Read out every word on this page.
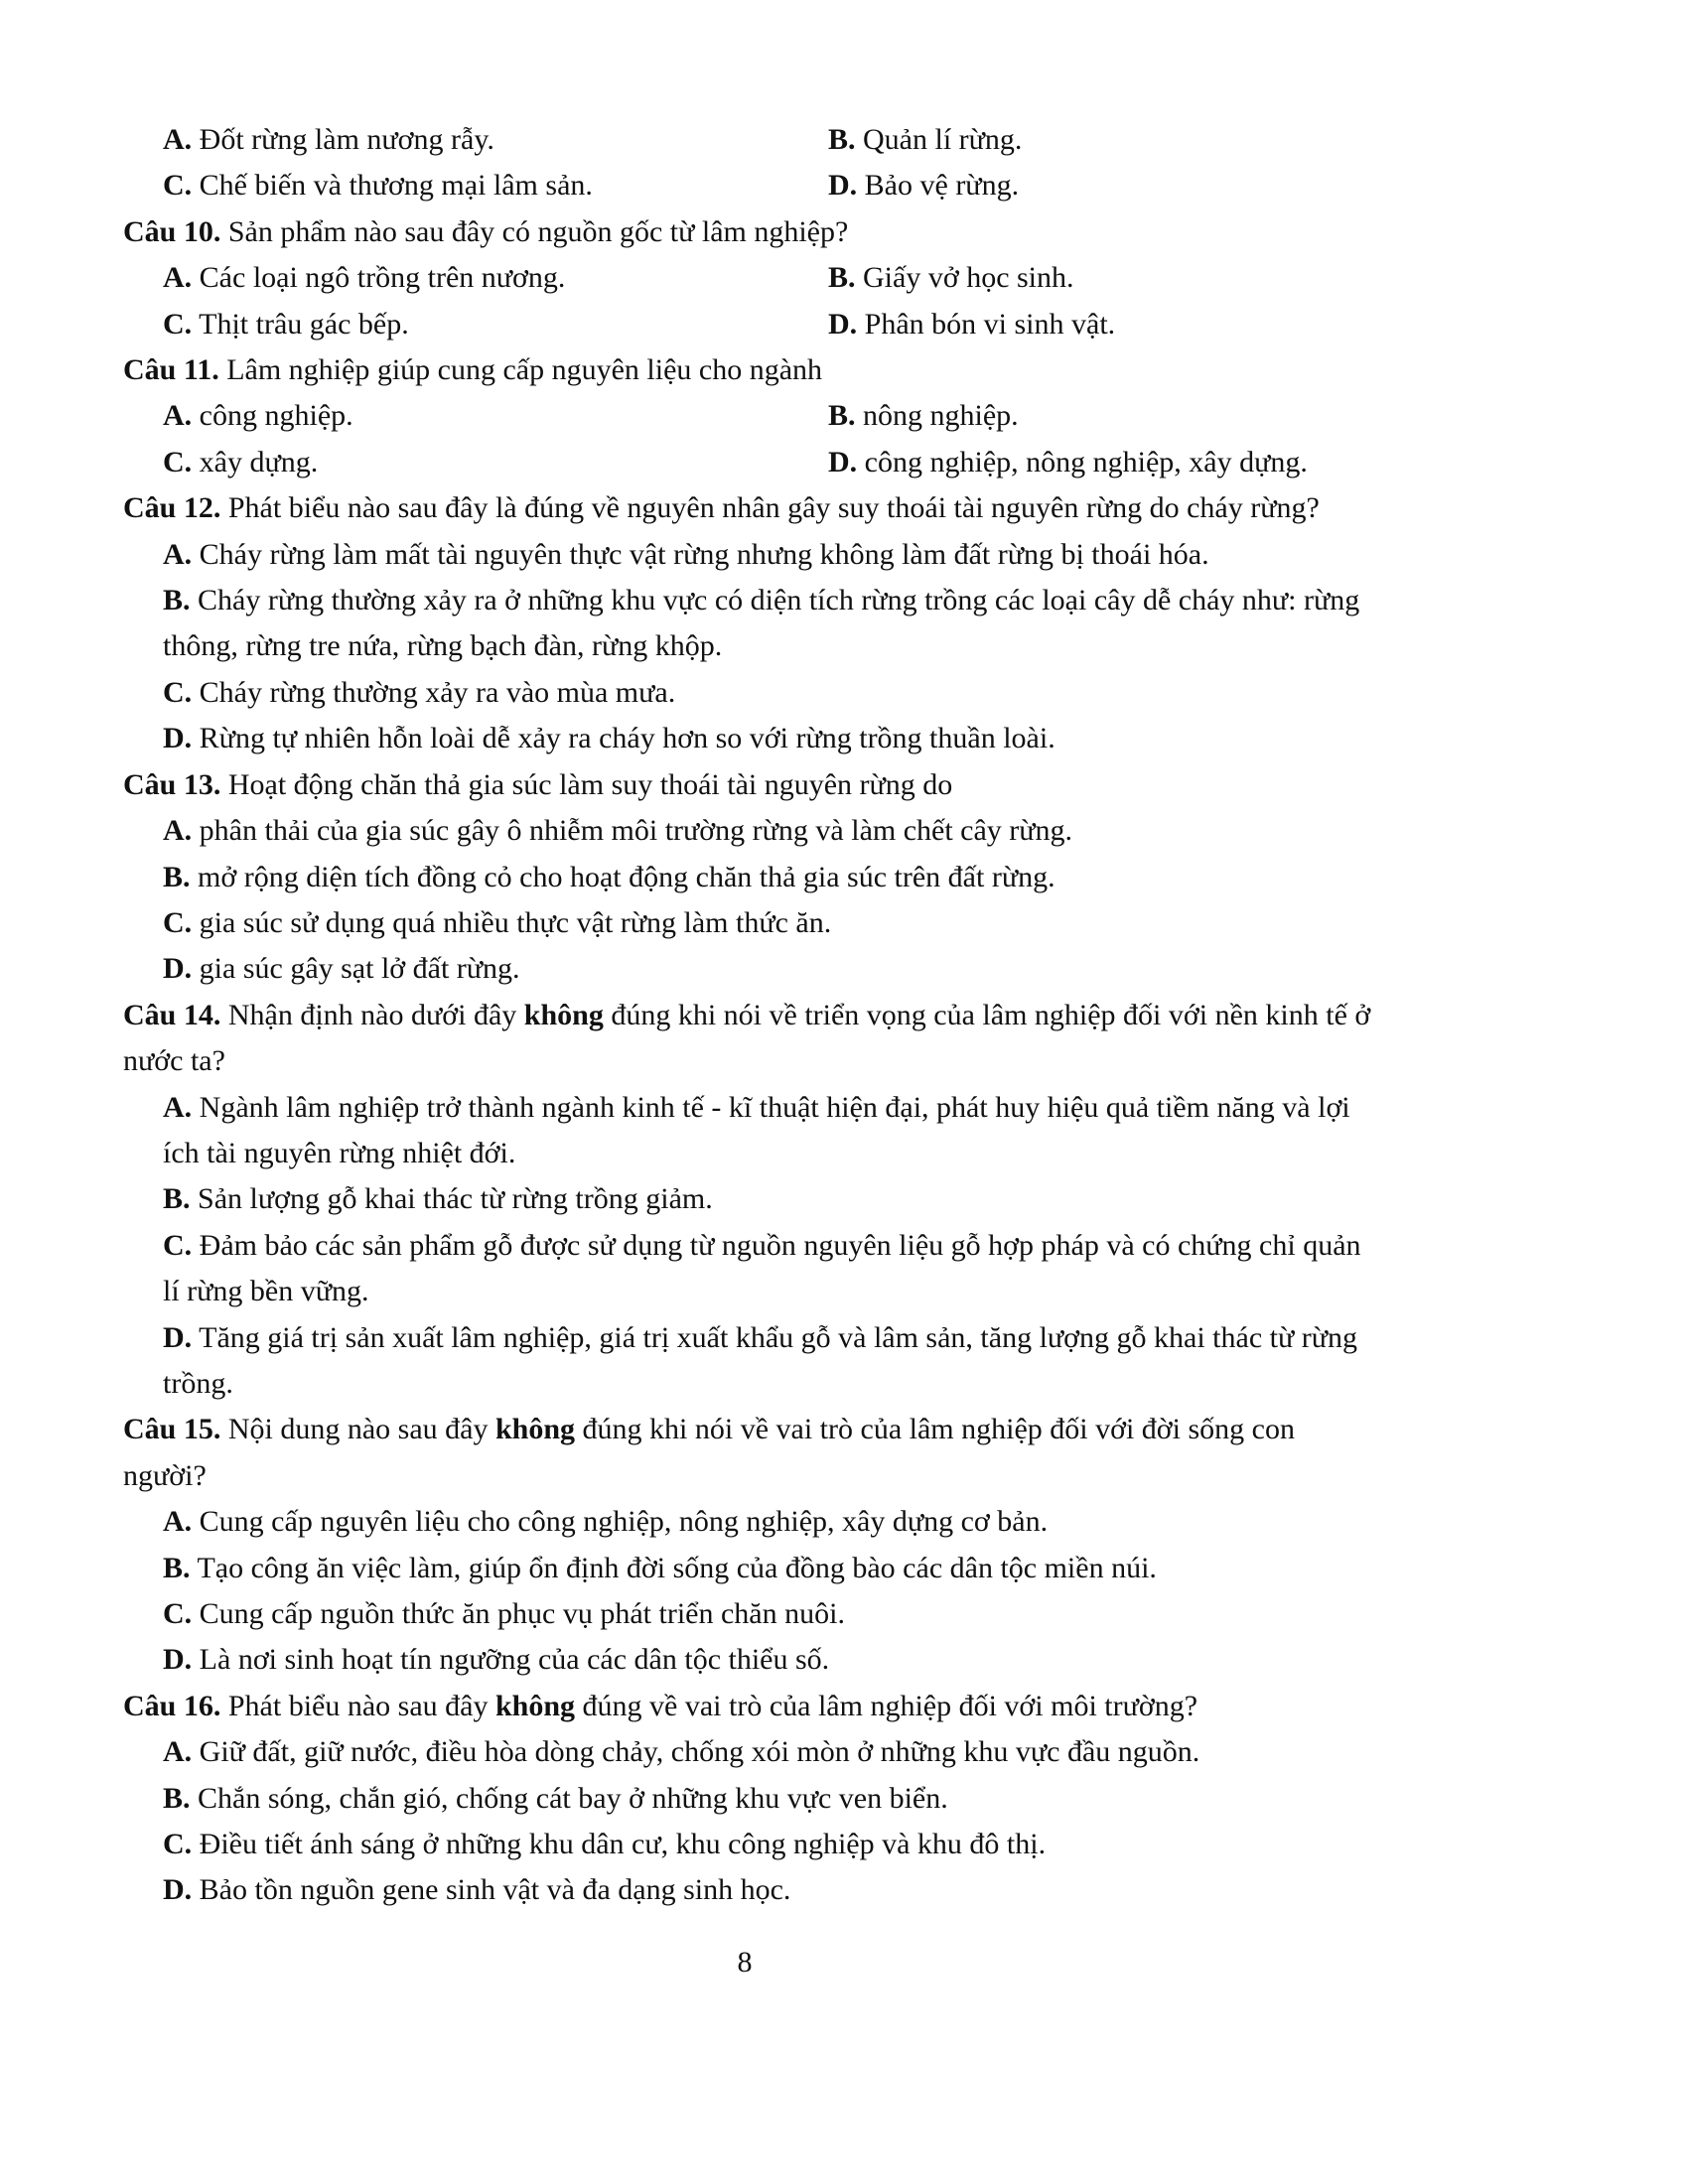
A. Đốt rừng làm nương rẫy.	B. Quản lí rừng.
C. Chế biến và thương mại lâm sản.	D. Bảo vệ rừng.

Câu 10. Sản phẩm nào sau đây có nguồn gốc từ lâm nghiệp?

A. Các loại ngô trồng trên nương.	B. Giấy vở học sinh.
C. Thịt trâu gác bếp.	D. Phân bón vi sinh vật.

Câu 11. Lâm nghiệp giúp cung cấp nguyên liệu cho ngành

A. công nghiệp.	B. nông nghiệp.
C. xây dựng.	D. công nghiệp, nông nghiệp, xây dựng.

Câu 12. Phát biểu nào sau đây là đúng về nguyên nhân gây suy thoái tài nguyên rừng do cháy rừng?

A. Cháy rừng làm mất tài nguyên thực vật rừng nhưng không làm đất rừng bị thoái hóa.

B. Cháy rừng thường xảy ra ở những khu vực có diện tích rừng trồng các loại cây dễ cháy như: rừng thông, rừng tre nứa, rừng bạch đàn, rừng khộp.

C. Cháy rừng thường xảy ra vào mùa mưa.

D. Rừng tự nhiên hỗn loài dễ xảy ra cháy hơn so với rừng trồng thuần loài.

Câu 13. Hoạt động chăn thả gia súc làm suy thoái tài nguyên rừng do

A. phân thải của gia súc gây ô nhiễm môi trường rừng và làm chết cây rừng.

B. mở rộng diện tích đồng cỏ cho hoạt động chăn thả gia súc trên đất rừng.

C. gia súc sử dụng quá nhiều thực vật rừng làm thức ăn.

D. gia súc gây sạt lở đất rừng.

Câu 14. Nhận định nào dưới đây không đúng khi nói về triển vọng của lâm nghiệp đối với nền kinh tế ở nước ta?

A. Ngành lâm nghiệp trở thành ngành kinh tế - kĩ thuật hiện đại, phát huy hiệu quả tiềm năng và lợi ích tài nguyên rừng nhiệt đới.

B. Sản lượng gỗ khai thác từ rừng trồng giảm.

C. Đảm bảo các sản phẩm gỗ được sử dụng từ nguồn nguyên liệu gỗ hợp pháp và có chứng chỉ quản lí rừng bền vững.

D. Tăng giá trị sản xuất lâm nghiệp, giá trị xuất khẩu gỗ và lâm sản, tăng lượng gỗ khai thác từ rừng trồng.

Câu 15. Nội dung nào sau đây không đúng khi nói về vai trò của lâm nghiệp đối với đời sống con người?

A. Cung cấp nguyên liệu cho công nghiệp, nông nghiệp, xây dựng cơ bản.

B. Tạo công ăn việc làm, giúp ổn định đời sống của đồng bào các dân tộc miền núi.

C. Cung cấp nguồn thức ăn phục vụ phát triển chăn nuôi.

D. Là nơi sinh hoạt tín ngưỡng của các dân tộc thiểu số.

Câu 16. Phát biểu nào sau đây không đúng về vai trò của lâm nghiệp đối với môi trường?

A. Giữ đất, giữ nước, điều hòa dòng chảy, chống xói mòn ở những khu vực đầu nguồn.

B. Chắn sóng, chắn gió, chống cát bay ở những khu vực ven biển.

C. Điều tiết ánh sáng ở những khu dân cư, khu công nghiệp và khu đô thị.

D. Bảo tồn nguồn gene sinh vật và đa dạng sinh học.

8
